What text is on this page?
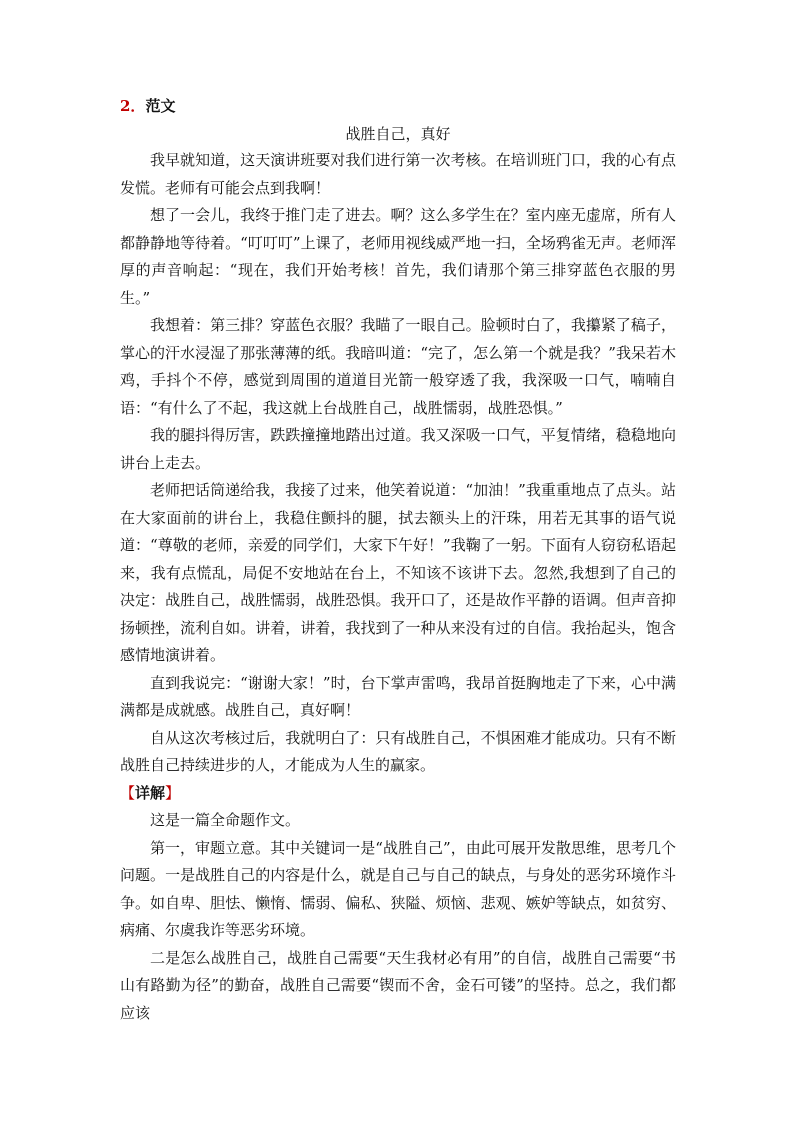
2．范文
战胜自己，真好

我早就知道，这天演讲班要对我们进行第一次考核。在培训班门口，我的心有点发慌。老师有可能会点到我啊！

想了一会儿，我终于推门走了进去。啊？这么多学生在？室内座无虚席，所有人都静静地等待着。“叮叮叮”上课了，老师用视线威严地一扫，全场鸦雀无声。老师浑厚的声音响起：“现在，我们开始考核！首先，我们请那个第三排穿蓝色衣服的男生。”

我想着：第三排？穿蓝色衣服？我瞄了一眼自己。脸顿时白了，我攥紧了稿子，掌心的汗水浸湿了那张薄薄的纸。我暗叫道：“完了，怎么第一个就是我？”我呆若木鸡，手抖个不停，感觉到周围的道道目光箭一般穿透了我，我深吸一口气，喃喃自语：“有什么了不起，我这就上台战胜自己，战胜懦弱，战胜恐惧。”

我的腿抖得厉害，跌跌撞撞地踏出过道。我又深吸一口气，平复情绪，稳稳地向讲台上走去。

老师把话筒递给我，我接了过来，他笑着说道：“加油！”我重重地点了点头。站在大家面前的讲台上，我稳住颤抖的腿，拭去额头上的汗珠，用若无其事的语气说道：“尊敬的老师，亲爱的同学们，大家下午好！”我鞠了一躬。下面有人窃窃私语起来，我有点慌乱，局促不安地站在台上，不知该不该讲下去。忽然,我想到了自己的决定：战胜自己，战胜懦弱，战胜恐惧。我开口了，还是故作平静的语调。但声音抑扬顿挫，流利自如。讲着，讲着，我找到了一种从来没有过的自信。我抬起头，饱含感情地演讲着。

直到我说完：“谢谢大家！”时，台下掌声雷鸣，我昂首挺胸地走了下来，心中满满都是成就感。战胜自己，真好啊！

自从这次考核过后，我就明白了：只有战胜自己，不惧困难才能成功。只有不断战胜自己持续进步的人，才能成为人生的赢家。

【详解】

这是一篇全命题作文。

第一，审题立意。其中关键词一是“战胜自己”，由此可展开发散思维，思考几个问题。一是战胜自己的内容是什么，就是自己与自己的缺点，与身处的恶劣环境作斗争。如自卑、胆怯、懒惰、懦弱、偏私、狭隘、烦恼、悲观、嫉妒等缺点，如贫穷、病痛、尔虞我诈等恶劣环境。

二是怎么战胜自己，战胜自己需要“天生我材必有用”的自信，战胜自己需要“书山有路勤为径”的勤奋，战胜自己需要“锲而不舍，金石可镂”的坚持。总之，我们都应该
